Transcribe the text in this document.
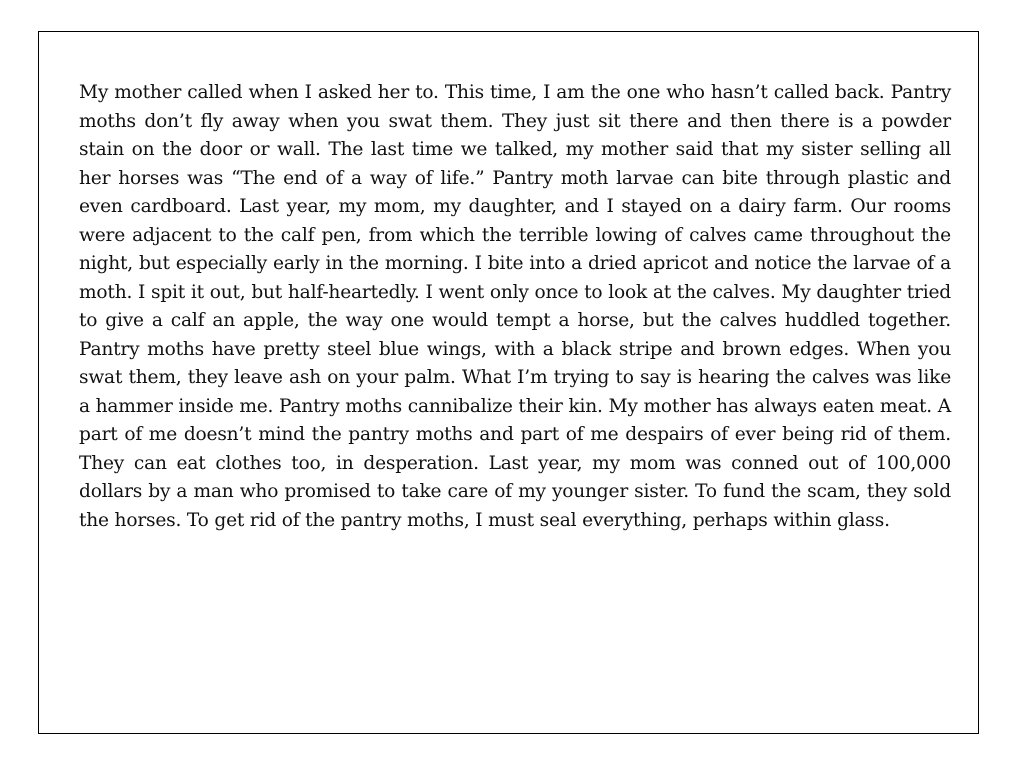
My mother called when I asked her to. This time, I am the one who hasn’t called back. Pantry moths don’t fly away when you swat them. They just sit there and then there is a powder stain on the door or wall. The last time we talked, my mother said that my sister selling all her horses was “The end of a way of life.” Pantry moth larvae can bite through plastic and even cardboard. Last year, my mom, my daughter, and I stayed on a dairy farm. Our rooms were adjacent to the calf pen, from which the terrible lowing of calves came throughout the night, but especially early in the morning. I bite into a dried apricot and notice the larvae of a moth. I spit it out, but half-heartedly. I went only once to look at the calves. My daughter tried to give a calf an apple, the way one would tempt a horse, but the calves huddled together. Pantry moths have pretty steel blue wings, with a black stripe and brown edges. When you swat them, they leave ash on your palm. What I’m trying to say is hearing the calves was like a hammer inside me. Pantry moths cannibalize their kin. My mother has always eaten meat. A part of me doesn’t mind the pantry moths and part of me despairs of ever being rid of them. They can eat clothes too, in desperation. Last year, my mom was conned out of 100,000 dollars by a man who promised to take care of my younger sister. To fund the scam, they sold the horses. To get rid of the pantry moths, I must seal everything, perhaps within glass.
